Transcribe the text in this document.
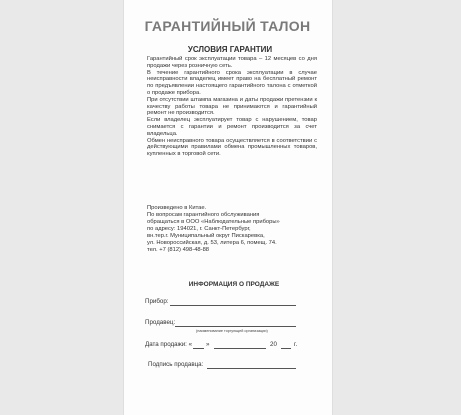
ГАРАНТИЙНЫЙ ТАЛОН
УСЛОВИЯ ГАРАНТИИ

Гарантийный срок эксплуатации товара – 12 месяцев со дня продажи через розничную сеть.

В течение гарантийного срока эксплуатации в случае неисправности владелец имеет право на бесплатный ремонт по предъявлении настоящего гарантийного талона с отметкой о продаже прибора.

При отсутствии штампа магазина и даты продажи претензии к качеству работы товара не принимаются и гарантийный ремонт не производится.

Если владелец эксплуатирует товар с нарушением, товар снимается с гарантии и ремонт производится за счет владельца.

Обмен неисправного товара осуществляется в соответствии с действующими правилами обмена промышленных товаров, купленных в торговой сети.

Произведено в Китае.
По вопросам гарантийного обслуживания
обращаться в ООО «Наблюдательные приборы»
по адресу: 194021, г. Санкт-Петербург,
вн.тер.г. Муниципальный округ Пискаревка,
ул. Новороссийская, д. 53, литера 6, помещ. 74.
тел. +7 (812) 498-48-88
ИНФОРМАЦИЯ О ПРОДАЖЕ
Прибор:
Продавец:
(наименование торгующей организации)
Дата продажи: « »	20	г.
Подпись продавца:
